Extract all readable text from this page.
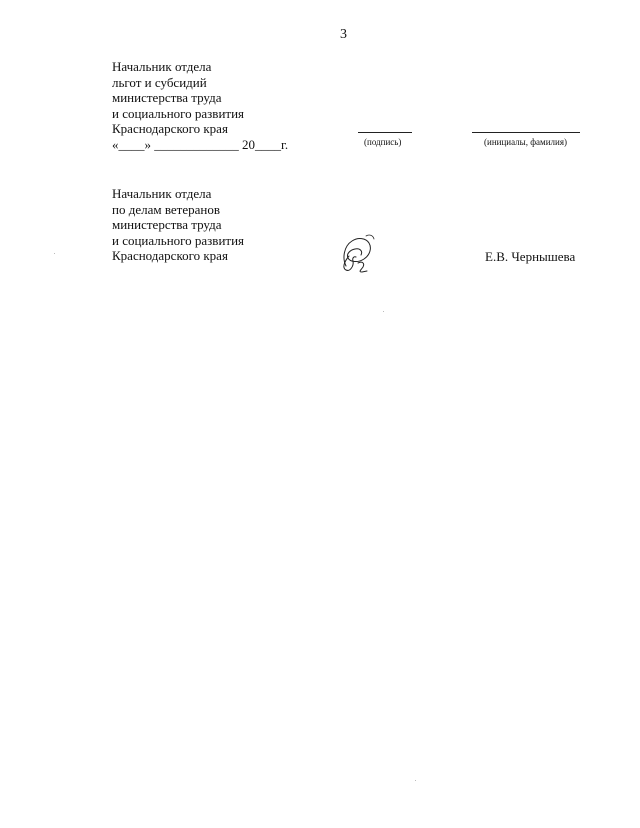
3
Начальник отдела
льгот и субсидий
министерства труда
и социального развития
Краснодарского края
«____» _____________ 20____г.	(подпись)	(инициалы, фамилия)
Начальник отдела
по делам ветеранов
министерства труда
и социального развития
Краснодарского края	Е.В. Чернышева
